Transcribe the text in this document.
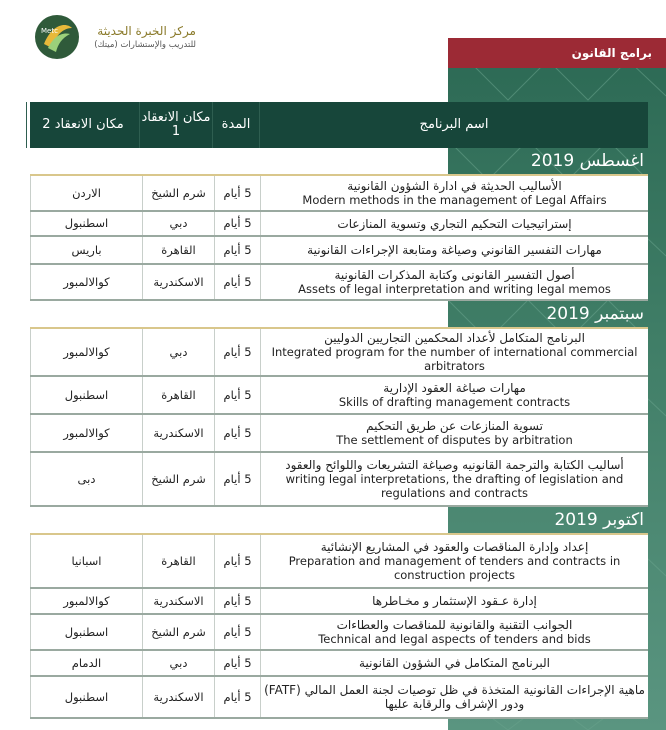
Metc	مركز الخبرة الحديثة
للتدريب والإستشارات (ميتك)
برامج القانون
اسم البرنامج
المدة
مكان الانعقاد 1
مكان الانعقاد 2
اغسطس 2019
الأساليب الحديثة في ادارة الشؤون القانونية
Modern methods in the management of Legal Affairs
5 أيام
شرم الشيخ
الاردن
إستراتيجيات التحكيم التجاري وتسوية المنازعات
5 أيام
دبي
اسطنبول
مهارات التفسير القانوني وصياغة ومتابعة الإجراءات القانونية
5 أيام
القاهرة
باريس
أصول التفسير القانونى وكتابة المذكرات القانونية
Assets of legal interpretation and writing legal memos
5 أيام
الاسكندرية
كوالالمبور
سبتمبر 2019
البرنامج المتكامل لأعداد المحكمين التجاريين الدوليين
Integrated program for the number of international commercial arbitrators
5 أيام
دبي
كوالالمبور
مهارات صياغة العقود الإدارية
Skills of drafting management contracts
5 أيام
القاهرة
اسطنبول
تسوية المنازعات عن طريق التحكيم
The settlement of disputes by arbitration
5 أيام
الاسكندرية
كوالالمبور
أساليب الكتابة والترجمة القانونيه وصياغة التشريعات واللوائح والعقود
writing legal interpretations, the drafting of legislation and regulations and contracts
5 أيام
شرم الشيخ
دبى
اكتوبر 2019
إعداد وإدارة المناقصات والعقود في المشاريع الإنشائية
Preparation and management of tenders and contracts in construction projects
5 أيام
القاهرة
اسبانيا
إدارة عـقود الإستثمار و مخـاطرها
5 أيام
الاسكندرية
كوالالمبور
الجوانب التقنية والقانونية للمناقصات والعطاءات
Technical and legal aspects of tenders and bids
5 أيام
شرم الشيخ
اسطنبول
البرنامج المتكامل في الشؤون القانونية
5 أيام
دبي
الدمام
ماهية الإجراءات القانونية المتخذة في ظل توصيات لجنة العمل المالي (FATF) ودور الإشراف والرقابة عليها
5 أيام
الاسكندرية
اسطنبول
